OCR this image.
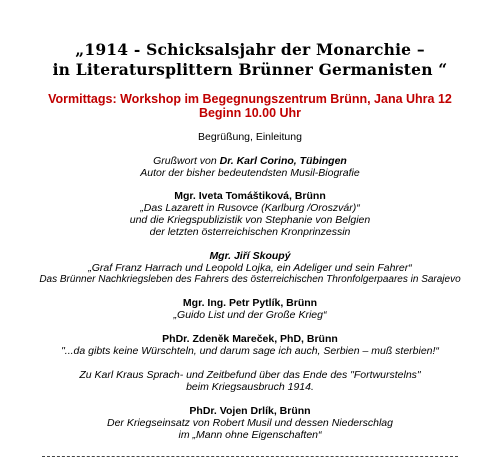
„1914 - Schicksalsjahr der Monarchie –
in Literatursplittern Brünner Germanisten “
Vormittags: Workshop im Begegnungszentrum Brünn, Jana Uhra 12
Beginn 10.00 Uhr
Begrüßung, Einleitung
Grußwort von Dr. Karl Corino, Tübingen
Autor der bisher bedeutendsten Musil-Biografie
Mgr. Iveta Tomáštiková, Brünn
„Das Lazarett in Rusovce (Karlburg /Oroszvár)“
und die Kriegspublizistik von Stephanie von Belgien
der letzten österreichischen Kronprinzessin
Mgr. Jiří Skoupý
„Graf Franz Harrach und Leopold Lojka, ein Adeliger und sein Fahrer“
Das Brünner Nachkriegsleben des Fahrers des österreichischen Thronfolgerpaares in Sarajevo
Mgr. Ing. Petr Pytlík, Brünn
„Guido List und der Große Krieg“
PhDr. Zdeněk Mareček, PhD, Brünn
"...da gibts keine Würschteln, und darum sage ich auch, Serbien – muß sterbien!“
Zu Karl Kraus Sprach- und Zeitbefund über das Ende des "Fortwurstelns"
beim Kriegsausbruch 1914.
PhDr. Vojen Drlík, Brünn
Der Kriegseinsatz von Robert Musil und dessen Niederschlag
im „Mann ohne Eigenschaften“
